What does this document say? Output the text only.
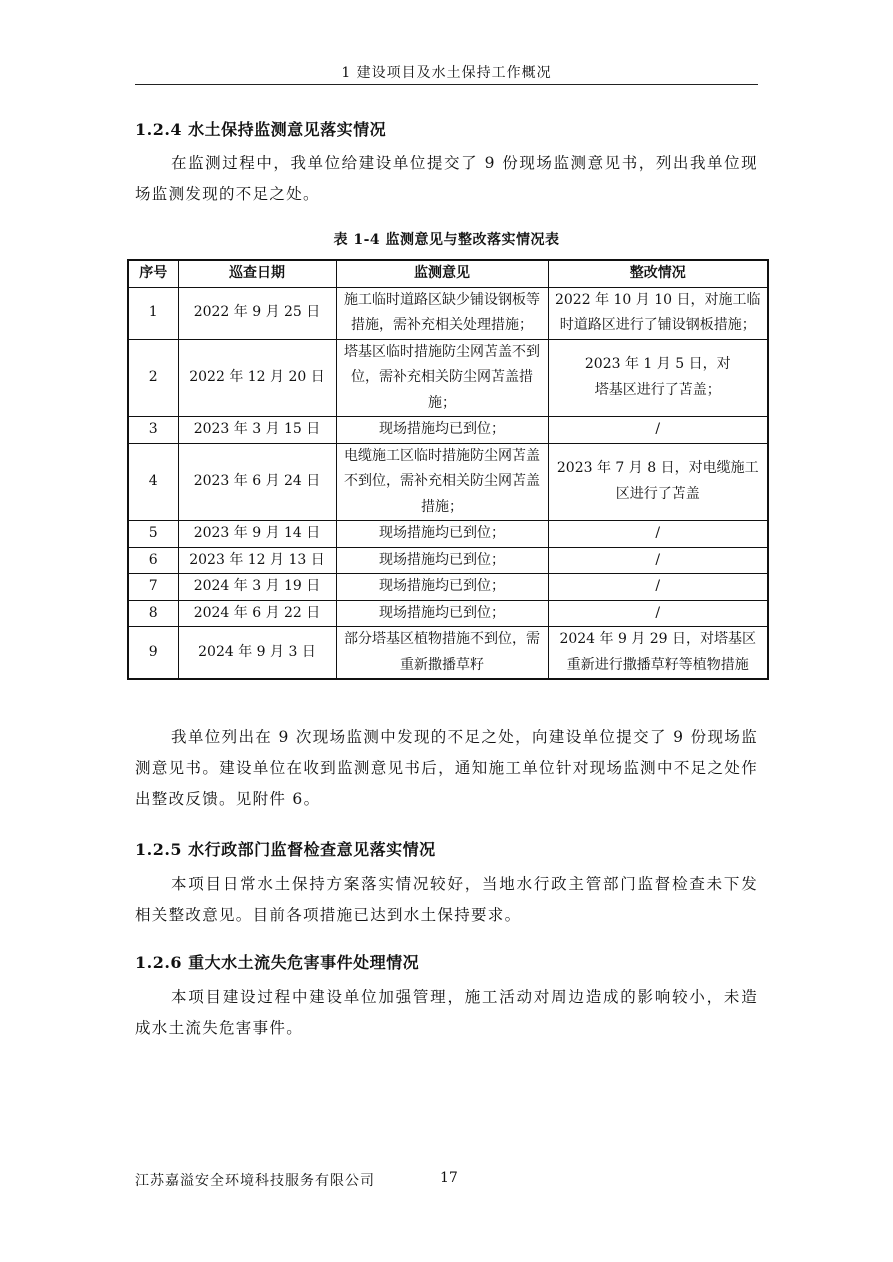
1 建设项目及水土保持工作概况
1.2.4 水土保持监测意见落实情况

在监测过程中，我单位给建设单位提交了 9 份现场监测意见书，列出我单位现场监测发现的不足之处。

表 1-4 监测意见与整改落实情况表
序号	巡查日期	监测意见	整改情况
1	2022 年 9 月 25 日	施工临时道路区缺少铺设钢板等措施，需补充相关处理措施；	2022 年 10 月 10 日，对施工临时道路区进行了铺设钢板措施；
2	2022 年 12 月 20 日	塔基区临时措施防尘网苫盖不到位，需补充相关防尘网苫盖措施；	2023 年 1 月 5 日，对塔基区进行了苫盖；
3	2023 年 3 月 15 日	现场措施均已到位；	/
4	2023 年 6 月 24 日	电缆施工区临时措施防尘网苫盖不到位，需补充相关防尘网苫盖措施；	2023 年 7 月 8 日，对电缆施工区进行了苫盖
5	2023 年 9 月 14 日	现场措施均已到位；	/
6	2023 年 12 月 13 日	现场措施均已到位；	/
7	2024 年 3 月 19 日	现场措施均已到位；	/
8	2024 年 6 月 22 日	现场措施均已到位；	/
9	2024 年 9 月 3 日	部分塔基区植物措施不到位，需重新撒播草籽	2024 年 9 月 29 日，对塔基区重新进行撒播草籽等植物措施

我单位列出在 9 次现场监测中发现的不足之处，向建设单位提交了 9 份现场监测意见书。建设单位在收到监测意见书后，通知施工单位针对现场监测中不足之处作出整改反馈。见附件 6。

1.2.5 水行政部门监督检查意见落实情况

本项目日常水土保持方案落实情况较好，当地水行政主管部门监督检查未下发相关整改意见。目前各项措施已达到水土保持要求。

1.2.6 重大水土流失危害事件处理情况

本项目建设过程中建设单位加强管理，施工活动对周边造成的影响较小，未造成水土流失危害事件。

江苏嘉溢安全环境科技服务有限公司	17
